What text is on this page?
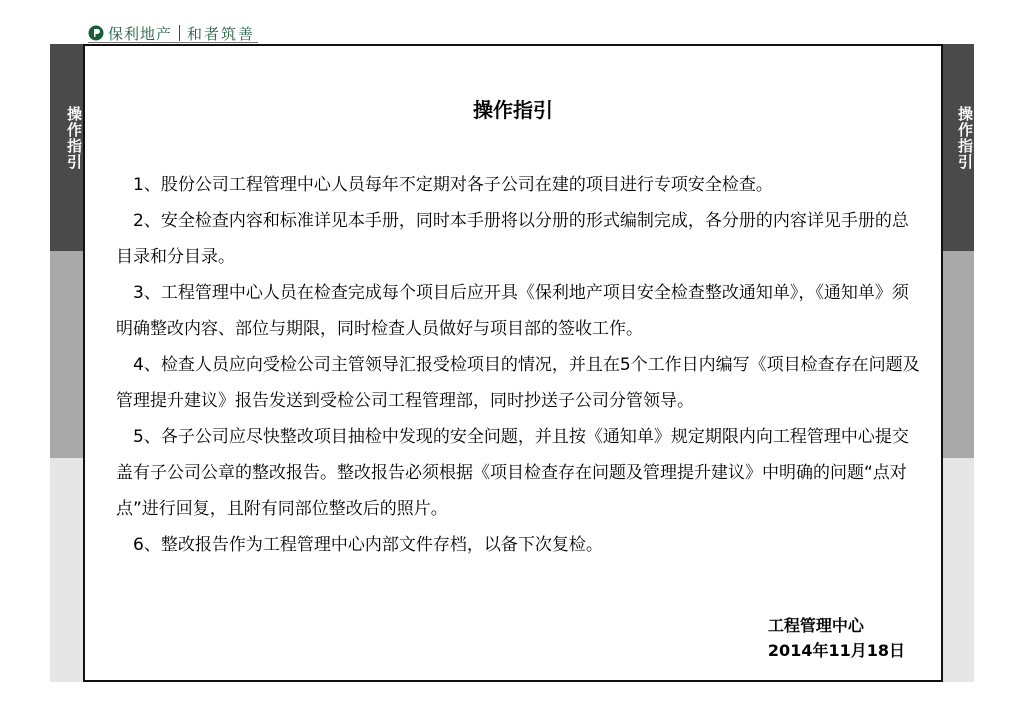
保利地产 和者筑善
操作指引	操作指引
操作指引

1、股份公司工程管理中心人员每年不定期对各子公司在建的项目进行专项安全检查。

2、安全检查内容和标准详见本手册，同时本手册将以分册的形式编制完成，各分册的内容详见手册的总目录和分目录。

3、工程管理中心人员在检查完成每个项目后应开具《保利地产项目安全检查整改通知单》，《通知单》须明确整改内容、部位与期限，同时检查人员做好与项目部的签收工作。

4、检查人员应向受检公司主管领导汇报受检项目的情况，并且在5个工作日内编写《项目检查存在问题及管理提升建议》报告发送到受检公司工程管理部，同时抄送子公司分管领导。

5、各子公司应尽快整改项目抽检中发现的安全问题，并且按《通知单》规定期限内向工程管理中心提交盖有子公司公章的整改报告。整改报告必须根据《项目检查存在问题及管理提升建议》中明确的问题“点对点”进行回复，且附有同部位整改后的照片。

6、整改报告作为工程管理中心内部文件存档，以备下次复检。

工程管理中心
2014年11月18日
